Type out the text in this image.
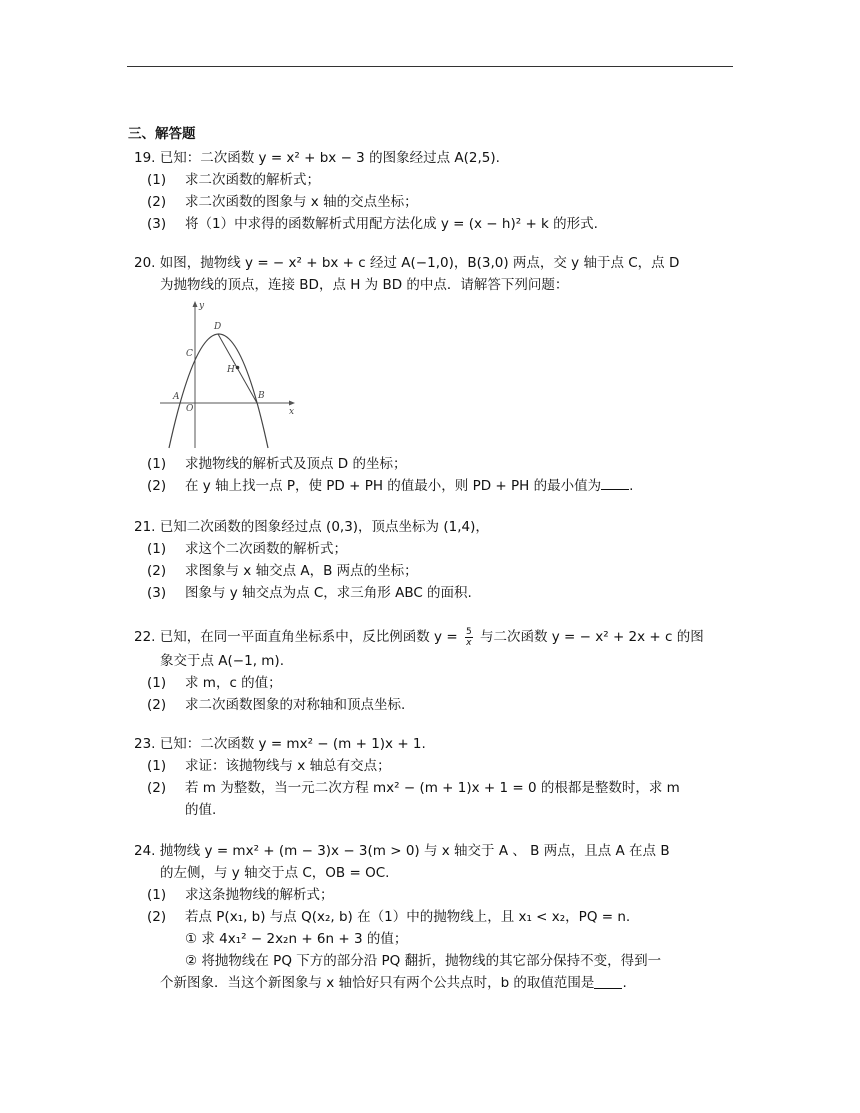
三、解答题
19. 已知：二次函数 y = x² + bx − 3 的图象经过点 A(2,5).
(1)	求二次函数的解析式；
(2)	求二次函数的图象与 x 轴的交点坐标；
(3)	将（1）中求得的函数解析式用配方法化成 y = (x − h)² + k 的形式.
20. 如图，抛物线 y = − x² + bx + c 经过 A(−1,0)，B(3,0) 两点，交 y 轴于点 C，点 D
为抛物线的顶点，连接 BD，点 H 为 BD 的中点．请解答下列问题：
y
x
D
C
H
A
O
B
(1)	求抛物线的解析式及顶点 D 的坐标；
(2)	在 y 轴上找一点 P，使 PD + PH 的值最小，则 PD + PH 的最小值为 .
21. 已知二次函数的图象经过点 (0,3)，顶点坐标为 (1,4)，
(1)	求这个二次函数的解析式；
(2)	求图象与 x 轴交点 A，B 两点的坐标；
(3)	图象与 y 轴交点为点 C，求三角形 ABC 的面积.
22. 已知，在同一平面直角坐标系中，反比例函数 $y = \frac{5}{x}$ 与二次函数 y = − x² + 2x + c 的图
象交于点 A(−1, m).
(1)	求 m，c 的值；
(2)	求二次函数图象的对称轴和顶点坐标.
23. 已知：二次函数 y = mx² − (m + 1)x + 1.
(1)	求证：该抛物线与 x 轴总有交点；
(2)	若 m 为整数，当一元二次方程 mx² − (m + 1)x + 1 = 0 的根都是整数时，求 m
的值.
24. 抛物线 y = mx² + (m − 3)x − 3(m > 0) 与 x 轴交于 A 、 B 两点，且点 A 在点 B
的左侧，与 y 轴交于点 C，OB = OC.
(1)	求这条抛物线的解析式；
(2)	若点 P(x₁, b) 与点 Q(x₂, b) 在（1）中的抛物线上，且 x₁ < x₂，PQ = n.
① 求 4x₁² − 2x₂n + 6n + 3 的值；
② 将抛物线在 PQ 下方的部分沿 PQ 翻折，抛物线的其它部分保持不变，得到一
个新图象．当这个新图象与 x 轴恰好只有两个公共点时，b 的取值范围是 .
